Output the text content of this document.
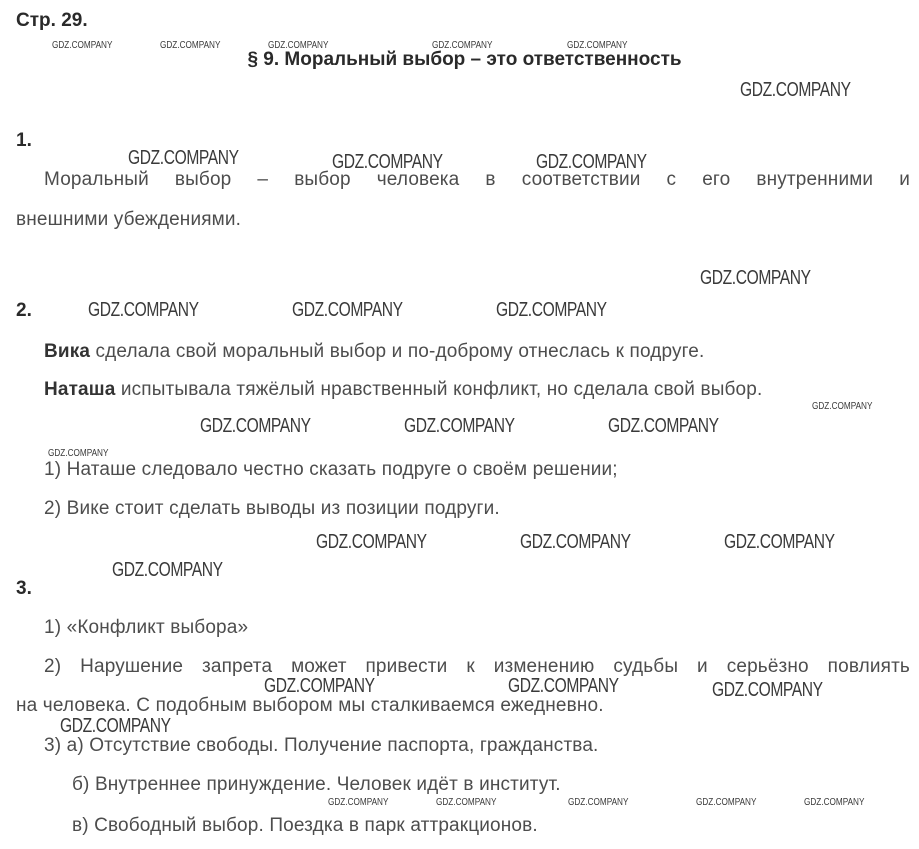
Стр. 29.
§ 9. Моральный выбор – это ответственность
1.
Моральный выбор – выбор человека в соответствии с его внутренними и
внешними убеждениями.
2.
Вика сделала свой моральный выбор и по-доброму отнеслась к подруге.
Наташа испытывала тяжёлый нравственный конфликт, но сделала свой выбор.
1) Наташе следовало честно сказать подруге о своём решении;
2) Вике стоит сделать выводы из позиции подруги.
3.
1) «Конфликт выбора»
2) Нарушение запрета может привести к изменению судьбы и серьёзно повлиять
на человека. С подобным выбором мы сталкиваемся ежедневно.
3) а) Отсутствие свободы. Получение паспорта, гражданства.
б) Внутреннее принуждение. Человек идёт в институт.
в) Свободный выбор. Поездка в парк аттракционов.
GDZ.COMPANY	GDZ.COMPANY	GDZ.COMPANY	GDZ.COMPANY	GDZ.COMPANY
GDZ.COMPANY
GDZ.COMPANY	GDZ.COMPANY	GDZ.COMPANY
GDZ.COMPANY
GDZ.COMPANY	GDZ.COMPANY	GDZ.COMPANY
GDZ.COMPANY
GDZ.COMPANY	GDZ.COMPANY	GDZ.COMPANY
GDZ.COMPANY
GDZ.COMPANY	GDZ.COMPANY	GDZ.COMPANY
GDZ.COMPANY
GDZ.COMPANY	GDZ.COMPANY	GDZ.COMPANY
GDZ.COMPANY
GDZ.COMPANY	GDZ.COMPANY	GDZ.COMPANY	GDZ.COMPANY	GDZ.COMPANY
